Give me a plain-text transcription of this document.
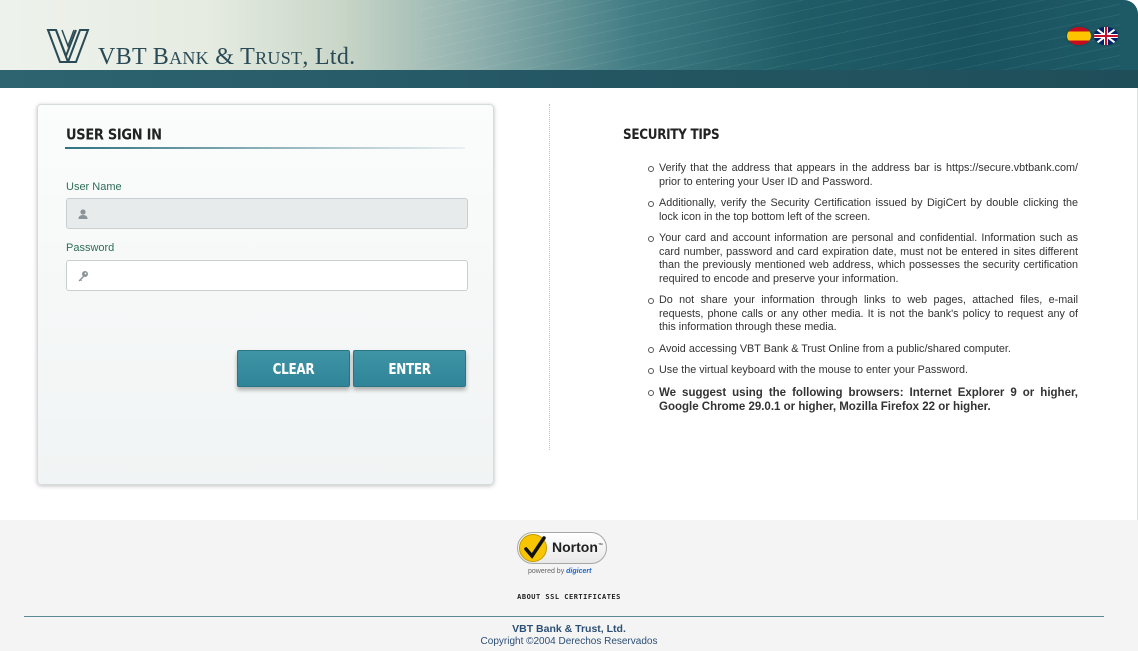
VBT BANK & TRUST, Ltd.
USER SIGN IN
User Name
Password
CLEAR	ENTER
SECURITY TIPS
Verify that the address that appears in the address bar is https://secure.vbtbank.com/ prior to entering your User ID and Password.
Additionally, verify the Security Certification issued by DigiCert by double clicking the lock icon in the top bottom left of the screen.
Your card and account information are personal and confidential. Information such as card number, password and card expiration date, must not be entered in sites different than the previously mentioned web address, which possesses the security certification required to encode and preserve your information.
Do not share your information through links to web pages, attached files, e-mail requests, phone calls or any other media. It is not the bank's policy to request any of this information through these media.
Avoid accessing VBT Bank & Trust Online from a public/shared computer.
Use the virtual keyboard with the mouse to enter your Password.
We suggest using the following browsers: Internet Explorer 9 or higher, Google Chrome 29.0.1 or higher, Mozilla Firefox 22 or higher.
Norton™
powered by digicert
ABOUT SSL CERTIFICATES
VBT Bank & Trust, Ltd.
Copyright ©2004 Derechos Reservados
